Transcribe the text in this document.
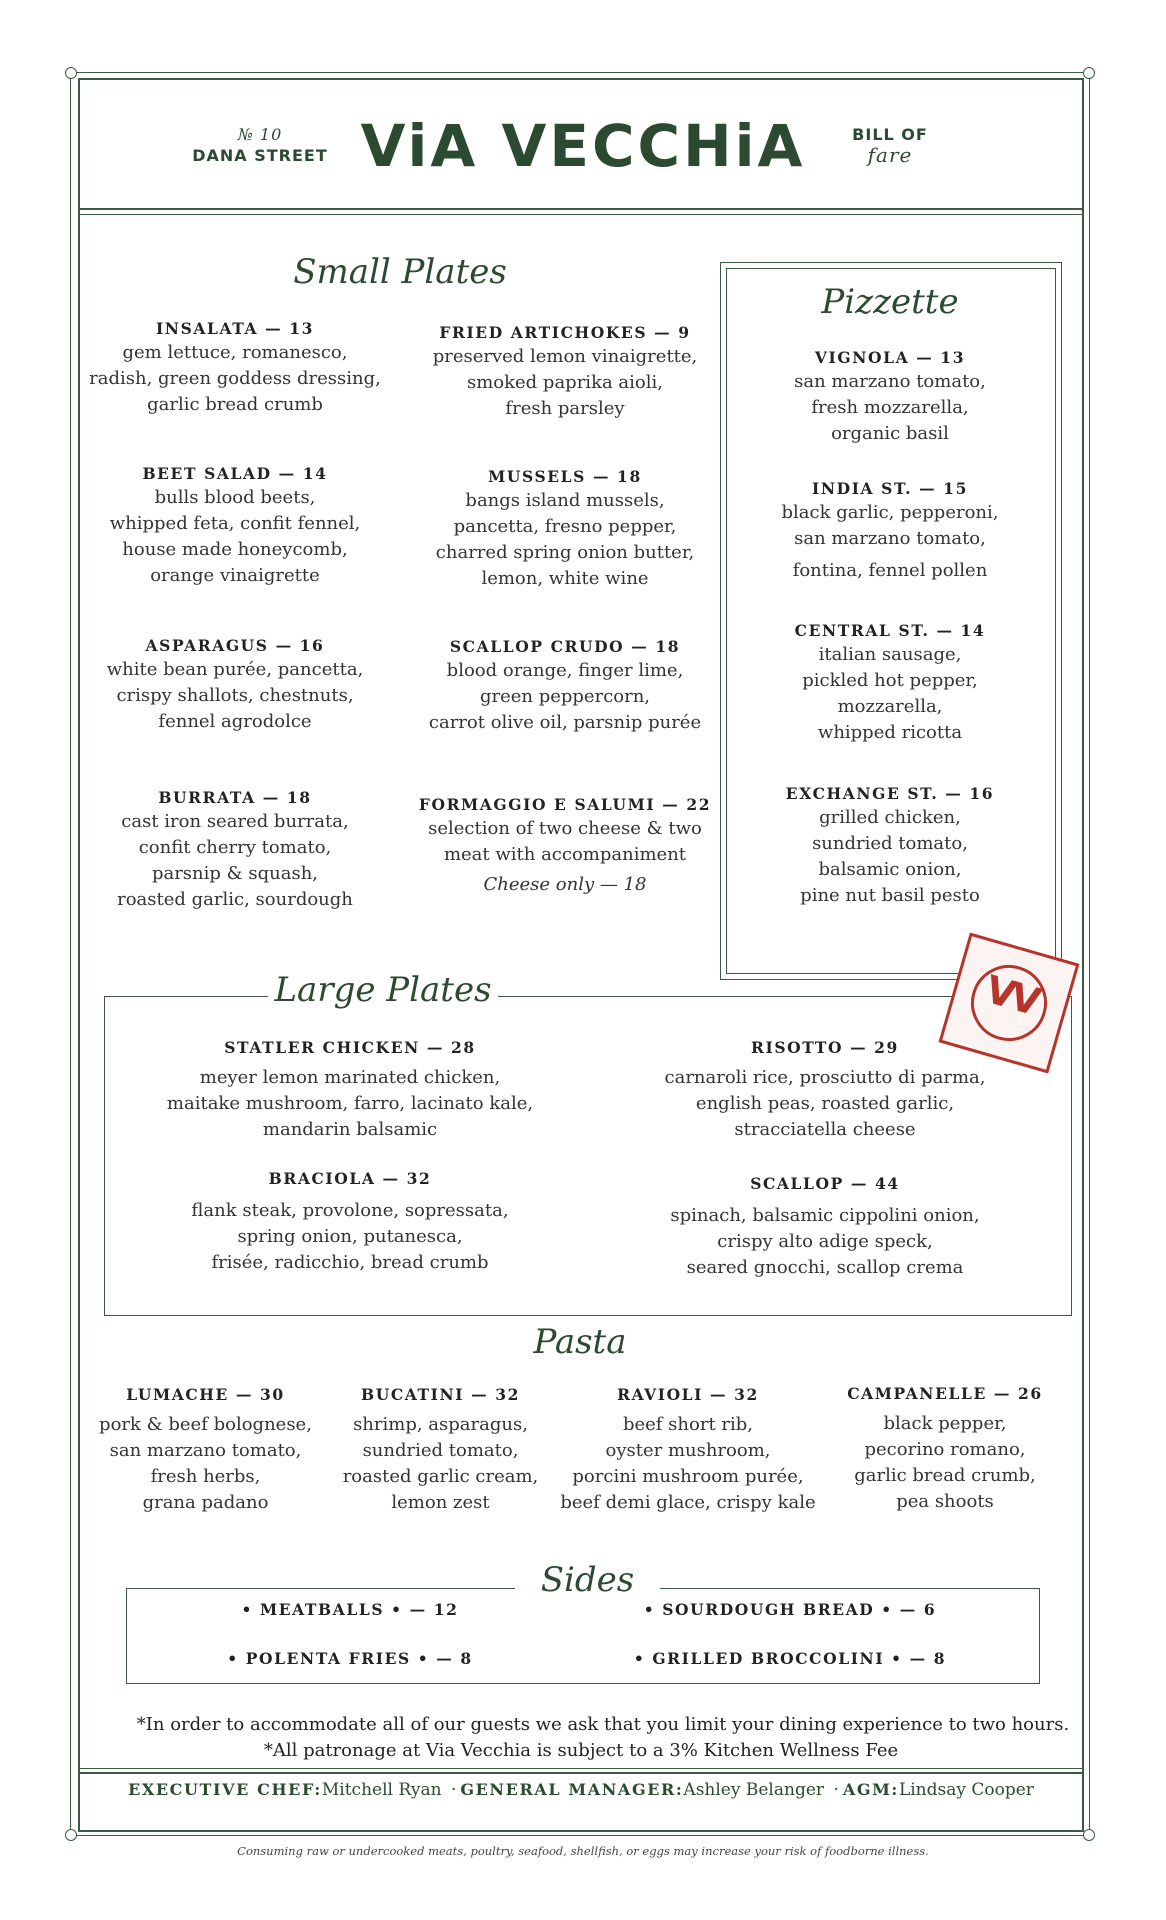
№ 10
DANA STREET ViA VECCHiA	BILL OF
fare
Small Plates
INSALATA — 13
gem lettuce, romanesco,
radish, green goddess dressing,
garlic bread crumb
FRIED ARTICHOKES — 9
preserved lemon vinaigrette,
smoked paprika aioli,
fresh parsley
BEET SALAD — 14
bulls blood beets,
whipped feta, confit fennel,
house made honeycomb,
orange vinaigrette
MUSSELS — 18
bangs island mussels,
pancetta, fresno pepper,
charred spring onion butter,
lemon, white wine
ASPARAGUS — 16
white bean purée, pancetta,
crispy shallots, chestnuts,
fennel agrodolce
SCALLOP CRUDO — 18
blood orange, finger lime,
green peppercorn,
carrot olive oil, parsnip purée
BURRATA — 18
cast iron seared burrata,
confit cherry tomato,
parsnip & squash,
roasted garlic, sourdough
FORMAGGIO E SALUMI — 22
selection of two cheese & two
meat with accompaniment
Cheese only — 18
Pizzette
VIGNOLA — 13
san marzano tomato,
fresh mozzarella,
organic basil
INDIA ST. — 15
black garlic, pepperoni,
san marzano tomato,
fontina, fennel pollen
CENTRAL ST. — 14
italian sausage,
pickled hot pepper,
mozzarella,
whipped ricotta
EXCHANGE ST. — 16
grilled chicken,
sundried tomato,
balsamic onion,
pine nut basil pesto
Large Plates
STATLER CHICKEN — 28
meyer lemon marinated chicken,
maitake mushroom, farro, lacinato kale,
mandarin balsamic
RISOTTO — 29
carnaroli rice, prosciutto di parma,
english peas, roasted garlic,
stracciatella cheese
BRACIOLA — 32
flank steak, provolone, sopressata,
spring onion, putanesca,
frisée, radicchio, bread crumb
SCALLOP — 44
spinach, balsamic cippolini onion,
crispy alto adige speck,
seared gnocchi, scallop crema
VV
Pasta
LUMACHE — 30
pork & beef bolognese,
san marzano tomato,
fresh herbs,
grana padano
BUCATINI — 32
shrimp, asparagus,
sundried tomato,
roasted garlic cream,
lemon zest
RAVIOLI — 32
beef short rib,
oyster mushroom,
porcini mushroom purée,
beef demi glace, crispy kale
CAMPANELLE — 26
black pepper,
pecorino romano,
garlic bread crumb,
pea shoots
Sides
• MEATBALLS • — 12	• SOURDOUGH BREAD • — 6
• POLENTA FRIES • — 8	• GRILLED BROCCOLINI • — 8
*In order to accommodate all of our guests we ask that you limit your dining experience to two hours.
*All patronage at Via Vecchia is subject to a 3% Kitchen Wellness Fee
EXECUTIVE CHEF:Mitchell Ryan · GENERAL MANAGER:Ashley Belanger · AGM:Lindsay Cooper
Consuming raw or undercooked meats, poultry, seafood, shellfish, or eggs may increase your risk of foodborne illness.
